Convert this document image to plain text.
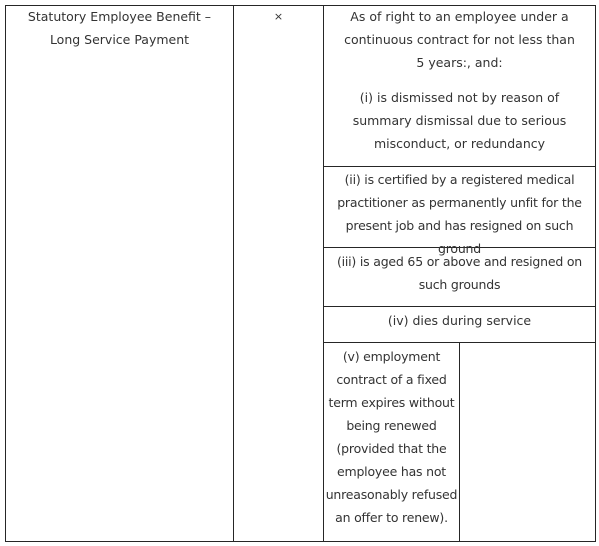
Statutory Employee Benefit – Long Service Payment
×	As of right to an employee under a continuous contract for not less than 5 years:, and:
(i) is dismissed not by reason of summary dismissal due to serious misconduct, or redundancy
(ii) is certified by a registered medical practitioner as permanently unfit for the present job and has resigned on such ground
(iii) is aged 65 or above and resigned on such grounds
(iv) dies during service
(v) employment contract of a fixed term expires without being renewed (provided that the employee has not unreasonably refused an offer to renew).
